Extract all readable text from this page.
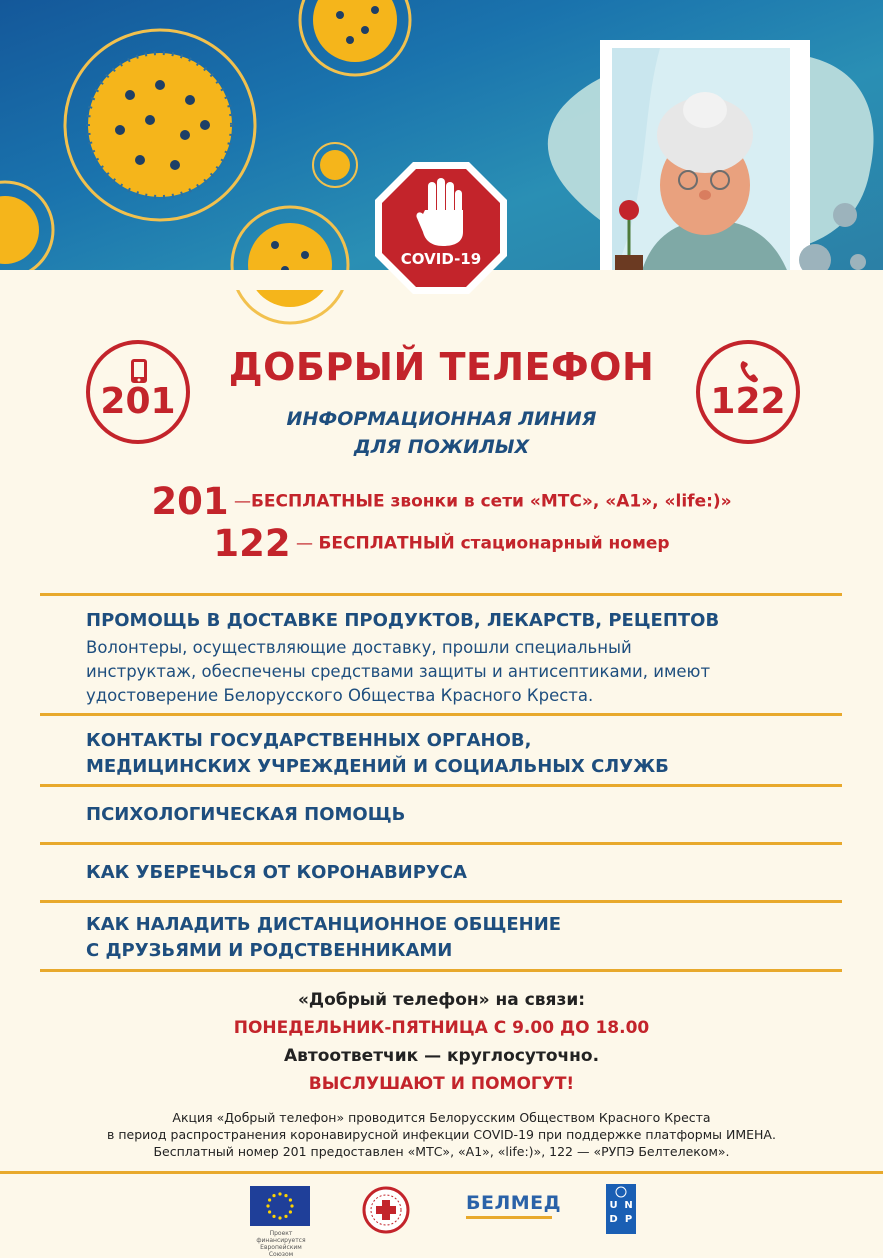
COVID-19
201	122
ДОБРЫЙ ТЕЛЕФОН
ИНФОРМАЦИОННАЯ ЛИНИЯ
ДЛЯ ПОЖИЛЫХ
201 —БЕСПЛАТНЫЕ звонки в сети «МТС», «А1», «life:)»
122 — БЕСПЛАТНЫЙ стационарный номер
ПРОМОЩЬ В ДОСТАВКЕ ПРОДУКТОВ, ЛЕКАРСТВ, РЕЦЕПТОВ
Волонтеры, осуществляющие доставку, прошли специальный
инструктаж, обеспечены средствами защиты и антисептиками, имеют
удостоверение Белорусского Общества Красного Креста.
КОНТАКТЫ ГОСУДАРСТВЕННЫХ ОРГАНОВ,
МЕДИЦИНСКИХ УЧРЕЖДЕНИЙ И СОЦИАЛЬНЫХ СЛУЖБ
ПСИХОЛОГИЧЕСКАЯ ПОМОЩЬ
КАК УБЕРЕЧЬСЯ ОТ КОРОНАВИРУСА
КАК НАЛАДИТЬ ДИСТАНЦИОННОЕ ОБЩЕНИЕ
С ДРУЗЬЯМИ И РОДСТВЕННИКАМИ
«Добрый телефон» на связи:
ПОНЕДЕЛЬНИК-ПЯТНИЦА С 9.00 ДО 18.00
Автоответчик — круглосуточно.
ВЫСЛУШАЮТ И ПОМОГУТ!
Акция «Добрый телефон» проводится Белорусским Обществом Красного Креста
в период распространения коронавирусной инфекции COVID-19 при поддержке платформы ИМЕНА.
Бесплатный номер 201 предоставлен «МТС», «А1», «life:)», 122 — «РУПЭ Белтелеком».
Проект финансируется
Европейским Союзом
БЕЛМЕД	U N
D P
